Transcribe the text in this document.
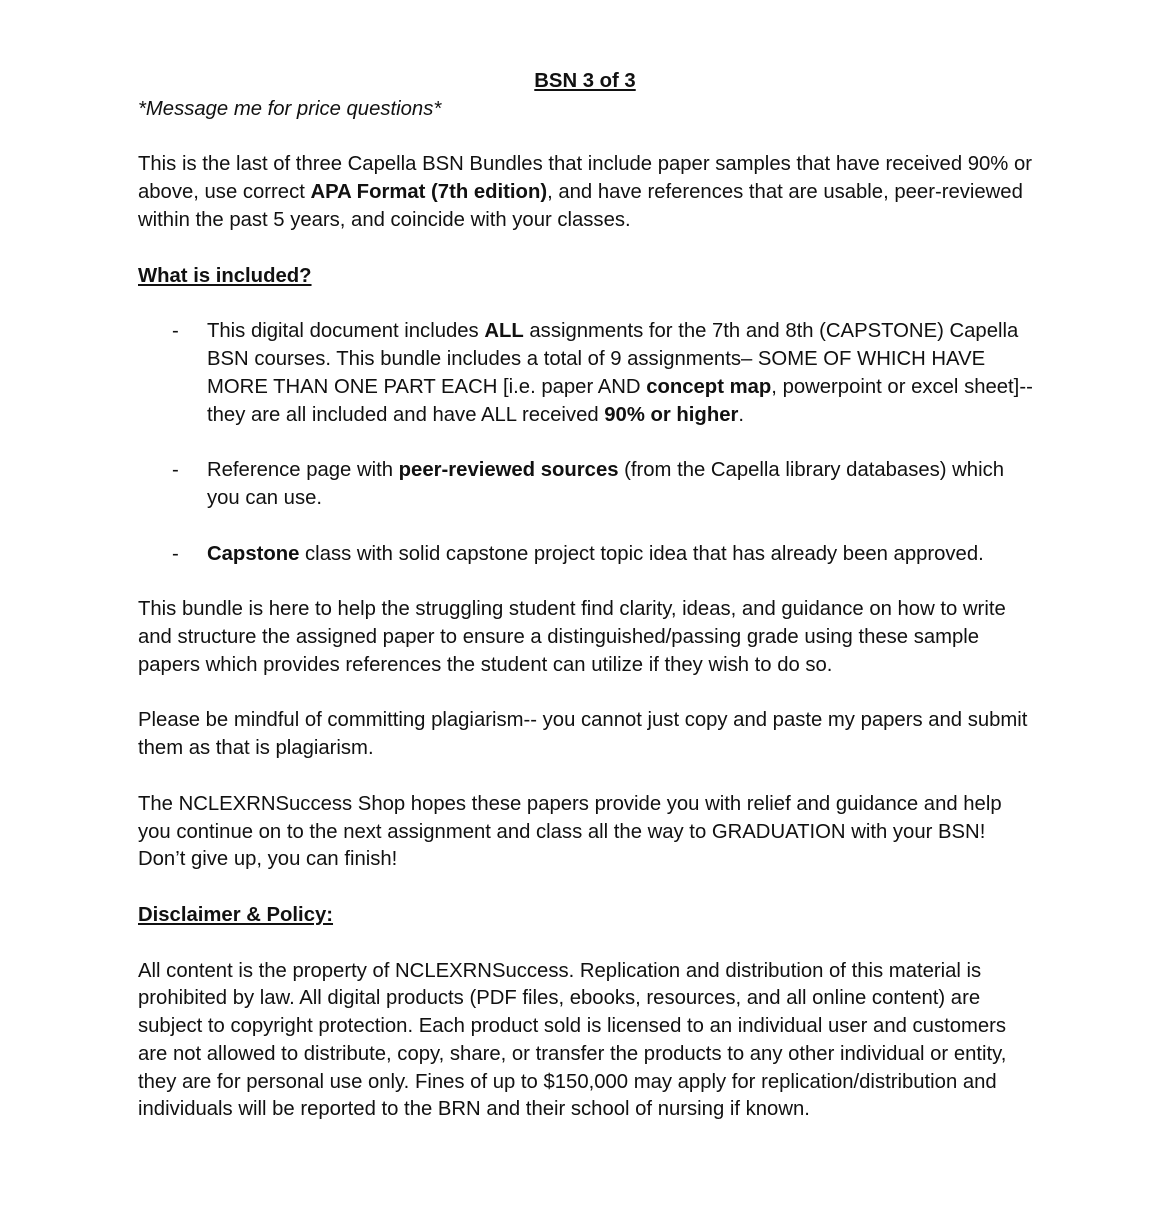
BSN 3 of 3

*Message me for price questions*

This is the last of three Capella BSN Bundles that include paper samples that have received 90% or above, use correct APA Format (7th edition), and have references that are usable, peer-reviewed within the past 5 years, and coincide with your classes.

What is included?

- This digital document includes ALL assignments for the 7th and 8th (CAPSTONE) Capella BSN courses. This bundle includes a total of 9 assignments– SOME OF WHICH HAVE MORE THAN ONE PART EACH [i.e. paper AND concept map, powerpoint or excel sheet]-- they are all included and have ALL received 90% or higher.
- Reference page with peer-reviewed sources (from the Capella library databases) which you can use.
- Capstone class with solid capstone project topic idea that has already been approved.

This bundle is here to help the struggling student find clarity, ideas, and guidance on how to write and structure the assigned paper to ensure a distinguished/passing grade using these sample papers which provides references the student can utilize if they wish to do so.

Please be mindful of committing plagiarism-- you cannot just copy and paste my papers and submit them as that is plagiarism.

The NCLEXRNSuccess Shop hopes these papers provide you with relief and guidance and help you continue on to the next assignment and class all the way to GRADUATION with your BSN! Don’t give up, you can finish!

Disclaimer & Policy:

All content is the property of NCLEXRNSuccess. Replication and distribution of this material is prohibited by law. All digital products (PDF files, ebooks, resources, and all online content) are subject to copyright protection. Each product sold is licensed to an individual user and customers are not allowed to distribute, copy, share, or transfer the products to any other individual or entity, they are for personal use only. Fines of up to $150,000 may apply for replication/distribution and individuals will be reported to the BRN and their school of nursing if known.
